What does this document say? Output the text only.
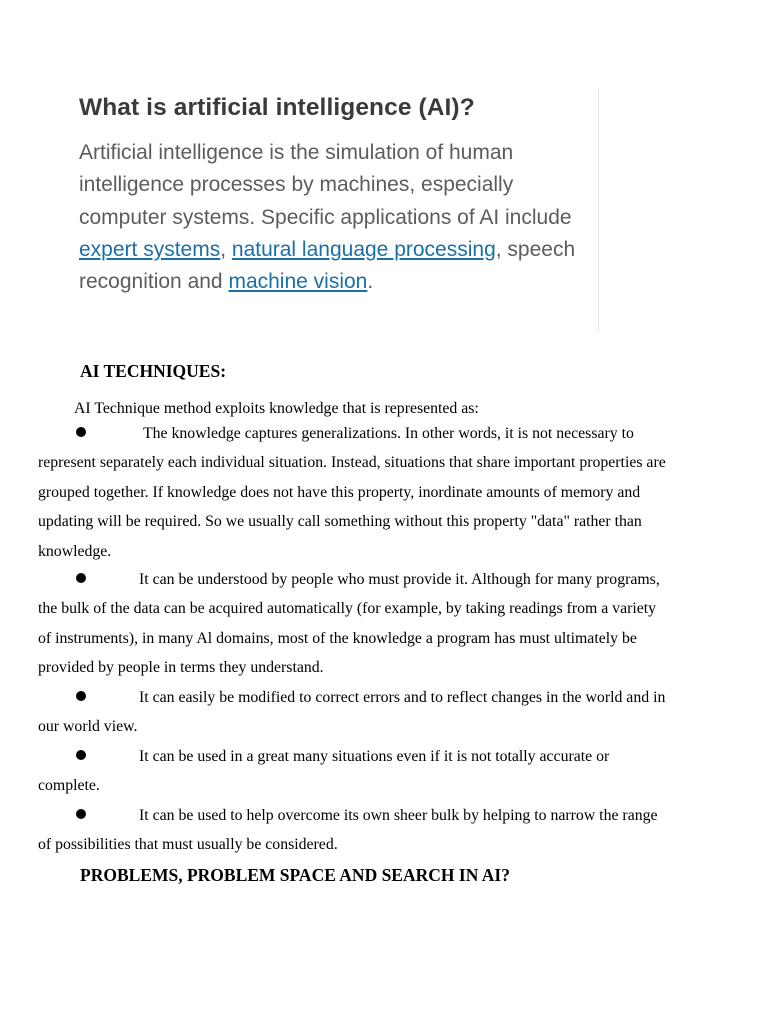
What is artificial intelligence (AI)?
Artificial intelligence is the simulation of human intelligence processes by machines, especially computer systems. Specific applications of AI include expert systems, natural language processing, speech recognition and machine vision.
AI TECHNIQUES:
AI Technique method exploits knowledge that is represented as:
The knowledge captures generalizations. In other words, it is not necessary to represent separately each individual situation. Instead, situations that share important properties are grouped together. If knowledge does not have this property, inordinate amounts of memory and updating will be required. So we usually call something without this property "data" rather than knowledge.
It can be understood by people who must provide it. Although for many programs, the bulk of the data can be acquired automatically (for example, by taking readings from a variety of instruments), in many Al domains, most of the knowledge a program has must ultimately be provided by people in terms they understand.
It can easily be modified to correct errors and to reflect changes in the world and in our world view.
It can be used in a great many situations even if it is not totally accurate or complete.
It can be used to help overcome its own sheer bulk by helping to narrow the range of possibilities that must usually be considered.
PROBLEMS, PROBLEM SPACE AND SEARCH IN AI?
